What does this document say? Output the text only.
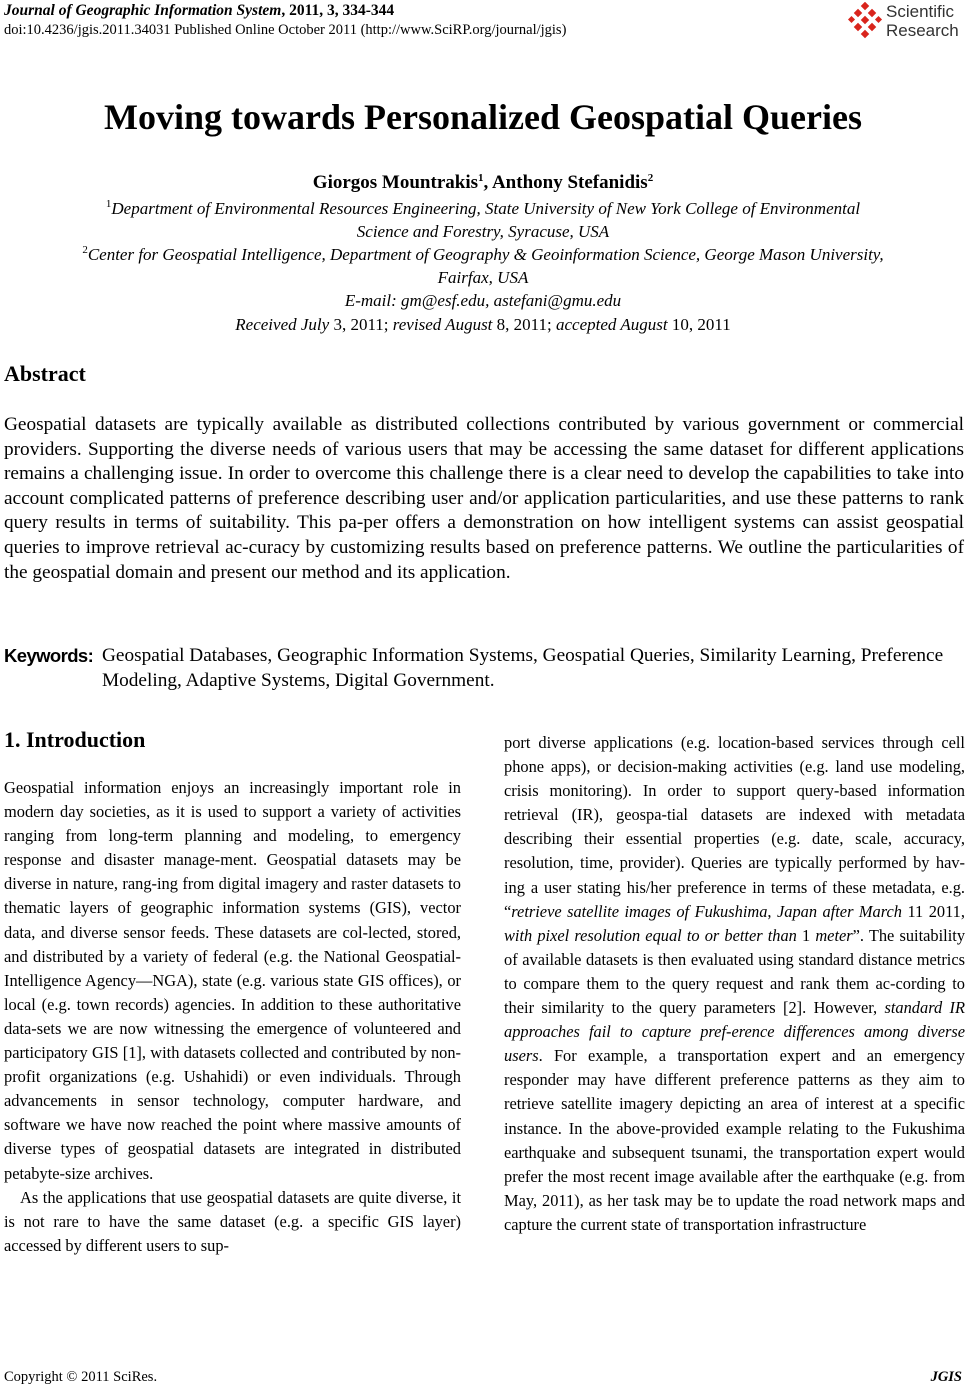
Journal of Geographic Information System, 2011, 3, 334-344
doi:10.4236/jgis.2011.34031 Published Online October 2011 (http://www.SciRP.org/journal/jgis)
Scientific
Research
Moving towards Personalized Geospatial Queries
Giorgos Mountrakis$^1$, Anthony Stefanidis$^2$
$^1$Department of Environmental Resources Engineering, State University of New York College of Environmental
Science and Forestry, Syracuse, USA
$^2$Center for Geospatial Intelligence, Department of Geography & Geoinformation Science, George Mason University,
Fairfax, USA
E-mail: gm@esf.edu, astefani@gmu.edu
Received July 3, 2011; revised August 8, 2011; accepted August 10, 2011
Abstract
Geospatial datasets are typically available as distributed collections contributed by various government or commercial providers. Supporting the diverse needs of various users that may be accessing the same dataset for different applications remains a challenging issue. In order to overcome this challenge there is a clear need to develop the capabilities to take into account complicated patterns of preference describing user and/or application particularities, and use these patterns to rank query results in terms of suitability. This pa-per offers a demonstration on how intelligent systems can assist geospatial queries to improve retrieval ac-curacy by customizing results based on preference patterns. We outline the particularities of the geospatial domain and present our method and its application.
Keywords: Geospatial Databases, Geographic Information Systems, Geospatial Queries, Similarity Learning, Preference Modeling, Adaptive Systems, Digital Government.
1. Introduction

Geospatial information enjoys an increasingly important role in modern day societies, as it is used to support a variety of activities ranging from long-term planning and modeling, to emergency response and disaster manage-ment. Geospatial datasets may be diverse in nature, rang-ing from digital imagery and raster datasets to thematic layers of geographic information systems (GIS), vector data, and diverse sensor feeds. These datasets are col-lected, stored, and distributed by a variety of federal (e.g. the National Geospatial-Intelligence Agency—NGA), state (e.g. various state GIS offices), or local (e.g. town records) agencies. In addition to these authoritative data-sets we are now witnessing the emergence of volunteered and participatory GIS [1], with datasets collected and contributed by non-profit organizations (e.g. Ushahidi) or even individuals. Through advancements in sensor technology, computer hardware, and software we have now reached the point where massive amounts of diverse types of geospatial datasets are integrated in distributed petabyte-size archives.

As the applications that use geospatial datasets are quite diverse, it is not rare to have the same dataset (e.g. a specific GIS layer) accessed by different users to sup-

port diverse applications (e.g. location-based services through cell phone apps), or decision-making activities (e.g. land use modeling, crisis monitoring). In order to support query-based information retrieval (IR), geospa-tial datasets are indexed with metadata describing their essential properties (e.g. date, scale, accuracy, resolution, time, provider). Queries are typically performed by hav-ing a user stating his/her preference in terms of these metadata, e.g. “retrieve satellite images of Fukushima, Japan after March 11 2011, with pixel resolution equal to or better than 1 meter”. The suitability of available datasets is then evaluated using standard distance metrics to compare them to the query request and rank them ac-cording to their similarity to the query parameters [2]. However, standard IR approaches fail to capture pref-erence differences among diverse users. For example, a transportation expert and an emergency responder may have different preference patterns as they aim to retrieve satellite imagery depicting an area of interest at a specific instance. In the above-provided example relating to the Fukushima earthquake and subsequent tsunami, the transportation expert would prefer the most recent image available after the earthquake (e.g. from May, 2011), as her task may be to update the road network maps and capture the current state of transportation infrastructure

Copyright © 2011 SciRes.	JGIS
